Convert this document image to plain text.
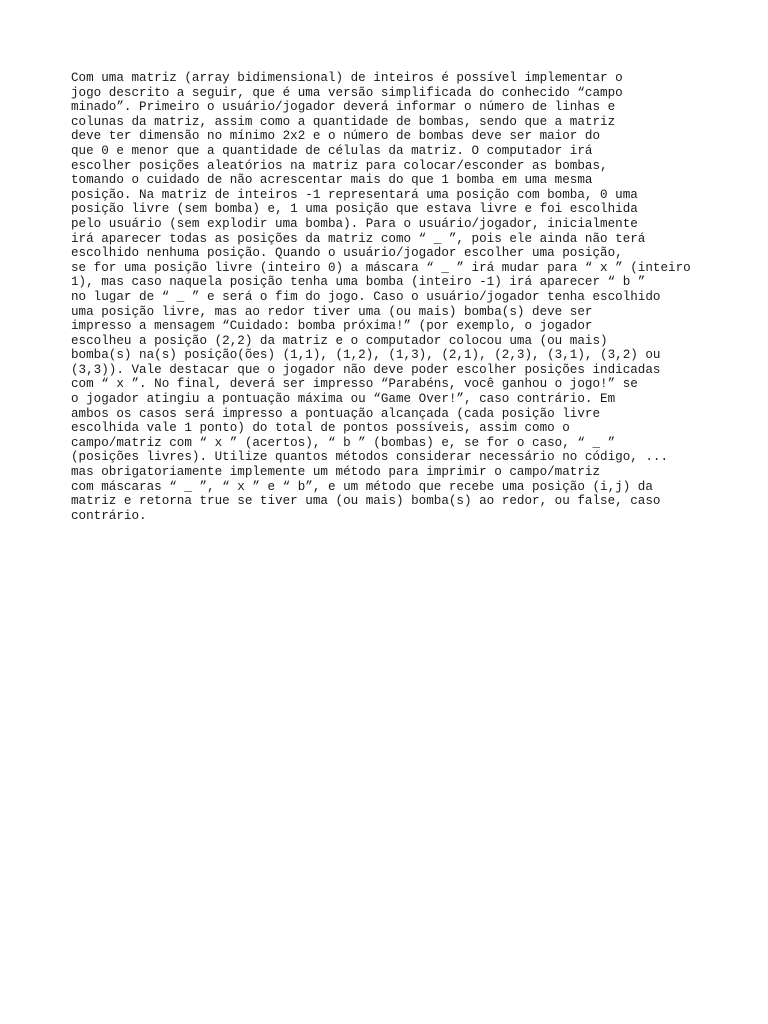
Com uma matriz (array bidimensional) de inteiros é possível implementar o
jogo descrito a seguir, que é uma versão simplificada do conhecido “campo
minado”. Primeiro o usuário/jogador deverá informar o número de linhas e
colunas da matriz, assim como a quantidade de bombas, sendo que a matriz
deve ter dimensão no mínimo 2x2 e o número de bombas deve ser maior do
que 0 e menor que a quantidade de células da matriz. O computador irá
escolher posições aleatórios na matriz para colocar/esconder as bombas,
tomando o cuidado de não acrescentar mais do que 1 bomba em uma mesma
posição. Na matriz de inteiros -1 representará uma posição com bomba, 0 uma
posição livre (sem bomba) e, 1 uma posição que estava livre e foi escolhida
pelo usuário (sem explodir uma bomba). Para o usuário/jogador, inicialmente
irá aparecer todas as posições da matriz como “ _ ”, pois ele ainda não terá
escolhido nenhuma posição. Quando o usuário/jogador escolher uma posição,
se for uma posição livre (inteiro 0) a máscara “ _ ” irá mudar para “ x ” (inteiro
1), mas caso naquela posição tenha uma bomba (inteiro -1) irá aparecer “ b ”
no lugar de “ _ ” e será o fim do jogo. Caso o usuário/jogador tenha escolhido
uma posição livre, mas ao redor tiver uma (ou mais) bomba(s) deve ser
impresso a mensagem “Cuidado: bomba próxima!” (por exemplo, o jogador
escolheu a posição (2,2) da matriz e o computador colocou uma (ou mais)
bomba(s) na(s) posição(ões) (1,1), (1,2), (1,3), (2,1), (2,3), (3,1), (3,2) ou
(3,3)). Vale destacar que o jogador não deve poder escolher posições indicadas
com “ x ”. No final, deverá ser impresso “Parabéns, você ganhou o jogo!” se
o jogador atingiu a pontuação máxima ou “Game Over!”, caso contrário. Em
ambos os casos será impresso a pontuação alcançada (cada posição livre
escolhida vale 1 ponto) do total de pontos possíveis, assim como o
campo/matriz com “ x ” (acertos), “ b ” (bombas) e, se for o caso, “ _ ”
(posições livres). Utilize quantos métodos considerar necessário no código, ...
mas obrigatoriamente implemente um método para imprimir o campo/matriz
com máscaras “ _ ”, “ x ” e “ b”, e um método que recebe uma posição (i,j) da
matriz e retorna true se tiver uma (ou mais) bomba(s) ao redor, ou false, caso
contrário.
